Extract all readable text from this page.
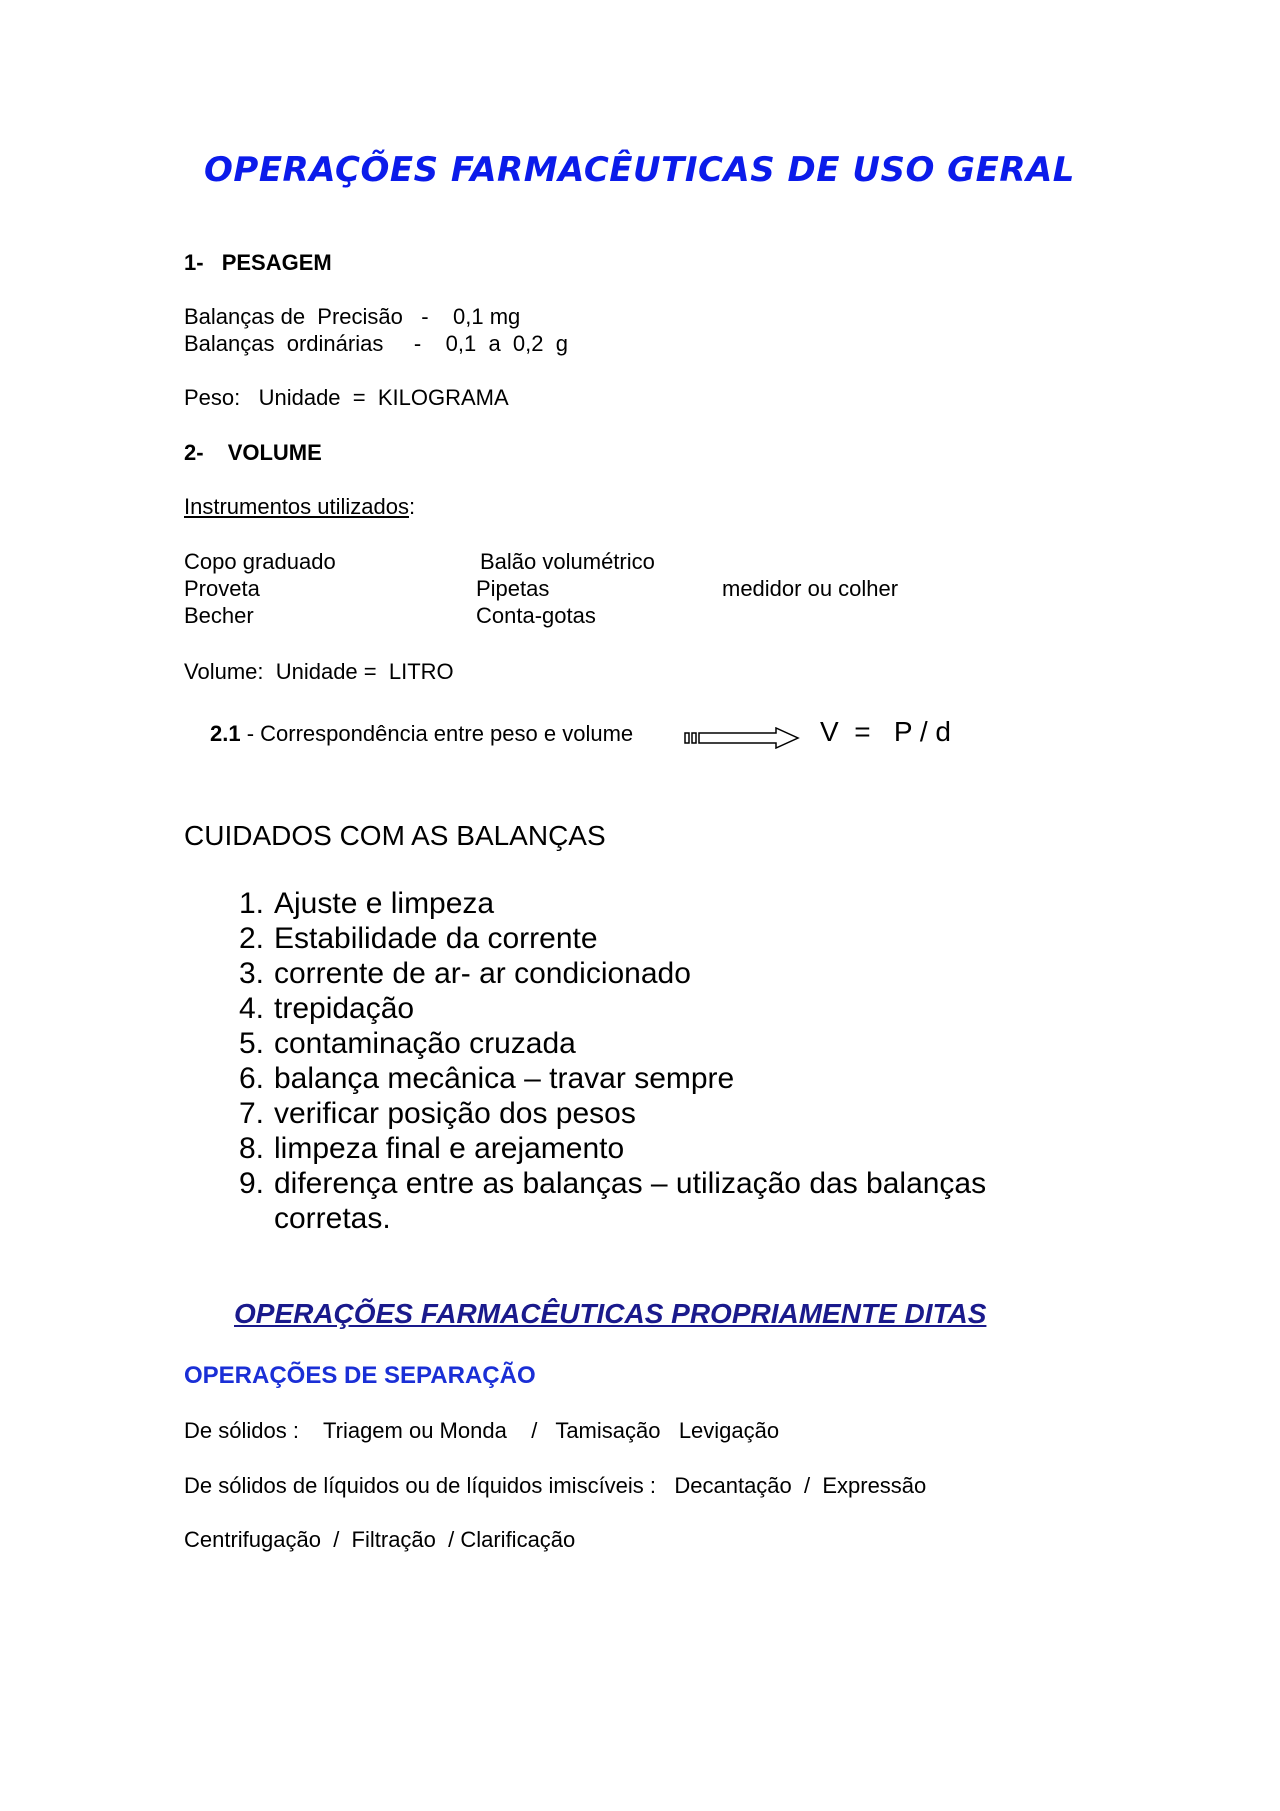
OPERAÇÕES FARMACÊUTICAS DE USO GERAL
1- PESAGEM
Balanças de  Precisão   -    0,1 mg
Balanças  ordinárias     -    0,1  a  0,2  g
Peso:   Unidade  =  KILOGRAMA
2- VOLUME
Instrumentos utilizados:
Copo graduado
Proveta
Becher
Balão volumétrico
Pipetas
Conta-gotas
medidor ou colher
Volume:  Unidade =  LITRO
2.1 - Correspondência entre peso e volume	V  =   P / d
CUIDADOS COM AS BALANÇAS
1. Ajuste e limpeza
2. Estabilidade da corrente
3. corrente de ar- ar condicionado
4. trepidação
5. contaminação cruzada
6. balança mecânica – travar sempre
7. verificar posição dos pesos
8. limpeza final e arejamento
9. diferença entre as balanças – utilização das balanças corretas.
OPERAÇÕES FARMACÊUTICAS PROPRIAMENTE DITAS
OPERAÇÕES DE SEPARAÇÃO
De sólidos :    Triagem ou Monda    /   Tamisação   Levigação
De sólidos de líquidos ou de líquidos imiscíveis :   Decantação  /  Expressão
Centrifugação  /  Filtração  / Clarificação
